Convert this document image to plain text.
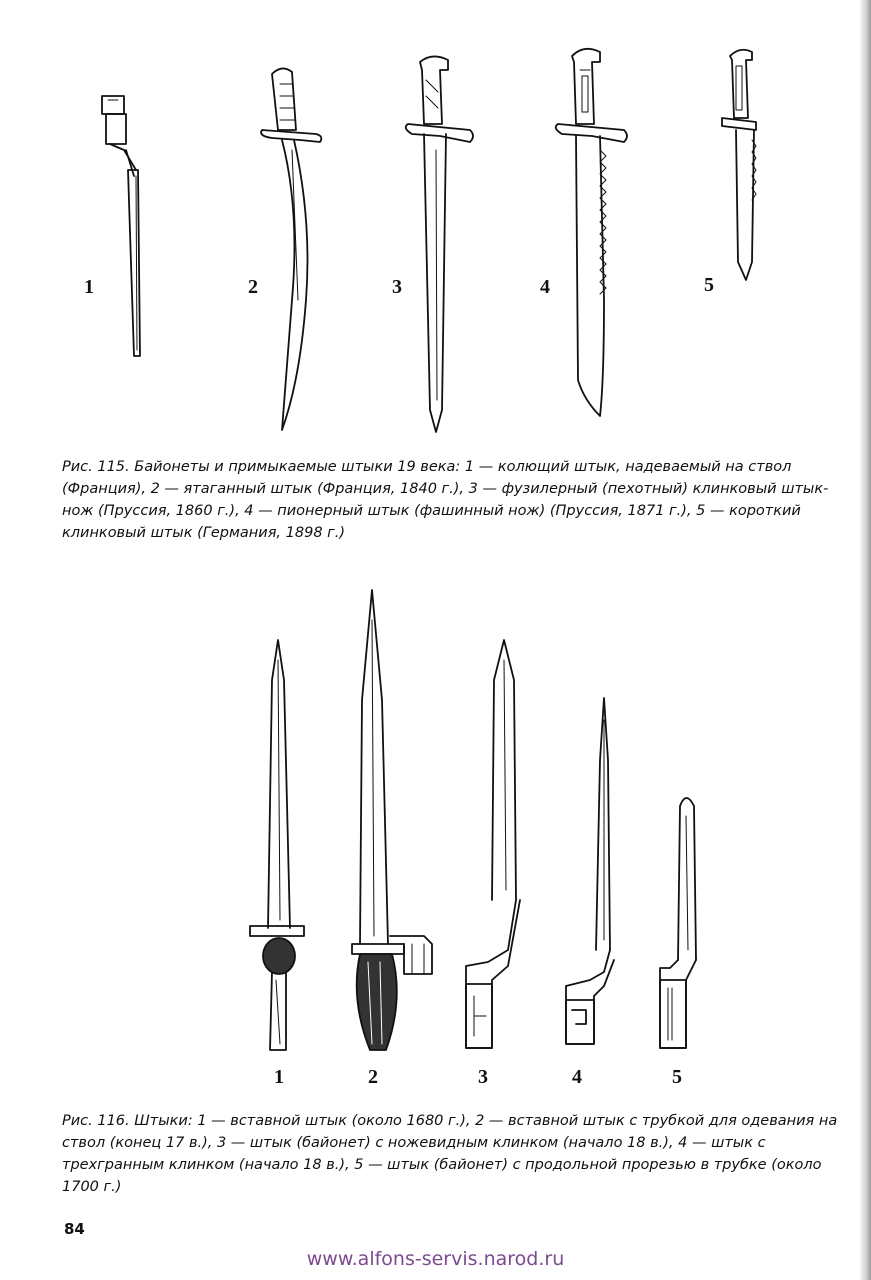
1	2	3	4	5
Рис. 115. Байонеты и примыкаемые штыки 19 века: 1 — колющий штык, надеваемый на ствол (Франция), 2 — ятаганный штык (Франция, 1840 г.), 3 — фузилерный (пехотный) клинковый штык-нож (Пруссия, 1860 г.), 4 — пионерный штык (фашинный нож) (Пруссия, 1871 г.), 5 — короткий клинковый штык (Германия, 1898 г.)
1	2	3	4	5
Рис. 116. Штыки: 1 — вставной штык (около 1680 г.), 2 — вставной штык с трубкой для одевания на ствол (конец 17 в.), 3 — штык (байонет) с ножевидным клинком (начало 18 в.), 4 — штык с трехгранным клинком (начало 18 в.), 5 — штык (байонет) с продольной прорезью в трубке (около 1700 г.)
84
www.alfons-servis.narod.ru
